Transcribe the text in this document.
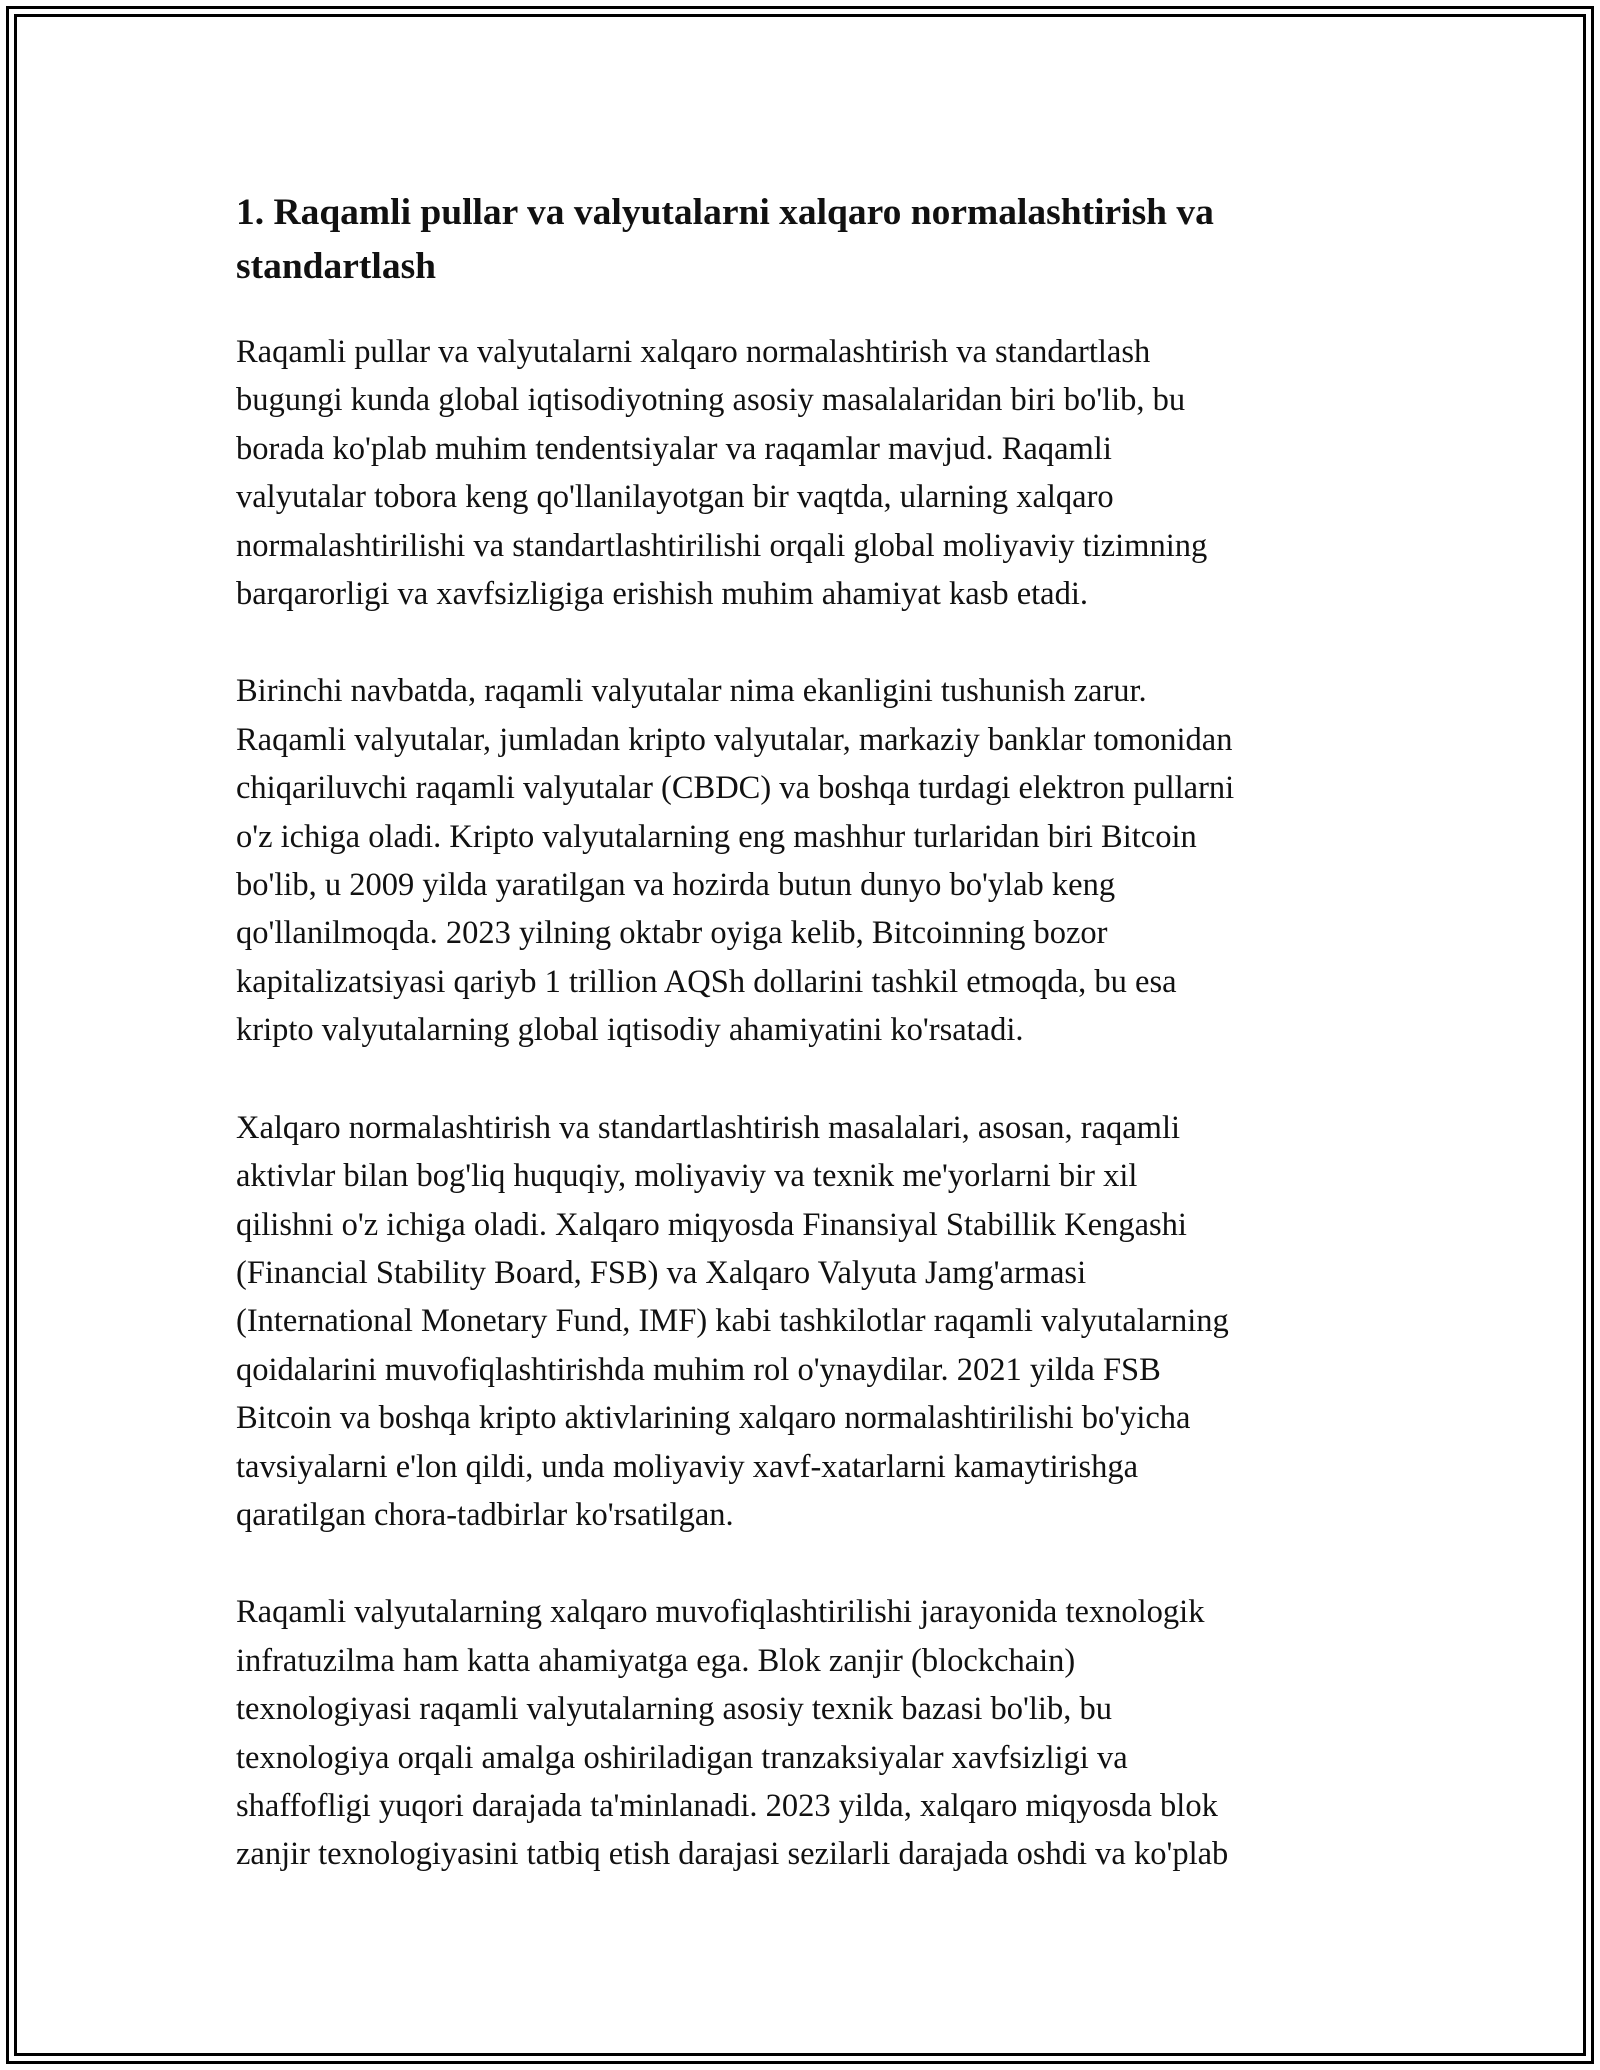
1. Raqamli pullar va valyutalarni xalqaro normalashtirish va
standartlash

Raqamli pullar va valyutalarni xalqaro normalashtirish va standartlash
bugungi kunda global iqtisodiyotning asosiy masalalaridan biri bo'lib, bu
borada ko'plab muhim tendentsiyalar va raqamlar mavjud. Raqamli
valyutalar tobora keng qo'llanilayotgan bir vaqtda, ularning xalqaro
normalashtirilishi va standartlashtirilishi orqali global moliyaviy tizimning
barqarorligi va xavfsizligiga erishish muhim ahamiyat kasb etadi.

Birinchi navbatda, raqamli valyutalar nima ekanligini tushunish zarur.
Raqamli valyutalar, jumladan kripto valyutalar, markaziy banklar tomonidan
chiqariluvchi raqamli valyutalar (CBDC) va boshqa turdagi elektron pullarni
o'z ichiga oladi. Kripto valyutalarning eng mashhur turlaridan biri Bitcoin
bo'lib, u 2009 yilda yaratilgan va hozirda butun dunyo bo'ylab keng
qo'llanilmoqda. 2023 yilning oktabr oyiga kelib, Bitcoinning bozor
kapitalizatsiyasi qariyb 1 trillion AQSh dollarini tashkil etmoqda, bu esa
kripto valyutalarning global iqtisodiy ahamiyatini ko'rsatadi.

Xalqaro normalashtirish va standartlashtirish masalalari, asosan, raqamli
aktivlar bilan bog'liq huquqiy, moliyaviy va texnik me'yorlarni bir xil
qilishni o'z ichiga oladi. Xalqaro miqyosda Finansiyal Stabillik Kengashi
(Financial Stability Board, FSB) va Xalqaro Valyuta Jamg'armasi
(International Monetary Fund, IMF) kabi tashkilotlar raqamli valyutalarning
qoidalarini muvofiqlashtirishda muhim rol o'ynaydilar. 2021 yilda FSB
Bitcoin va boshqa kripto aktivlarining xalqaro normalashtirilishi bo'yicha
tavsiyalarni e'lon qildi, unda moliyaviy xavf-xatarlarni kamaytirishga
qaratilgan chora-tadbirlar ko'rsatilgan.

Raqamli valyutalarning xalqaro muvofiqlashtirilishi jarayonida texnologik
infratuzilma ham katta ahamiyatga ega. Blok zanjir (blockchain)
texnologiyasi raqamli valyutalarning asosiy texnik bazasi bo'lib, bu
texnologiya orqali amalga oshiriladigan tranzaksiyalar xavfsizligi va
shaffofligi yuqori darajada ta'minlanadi. 2023 yilda, xalqaro miqyosda blok
zanjir texnologiyasini tatbiq etish darajasi sezilarli darajada oshdi va ko'plab
